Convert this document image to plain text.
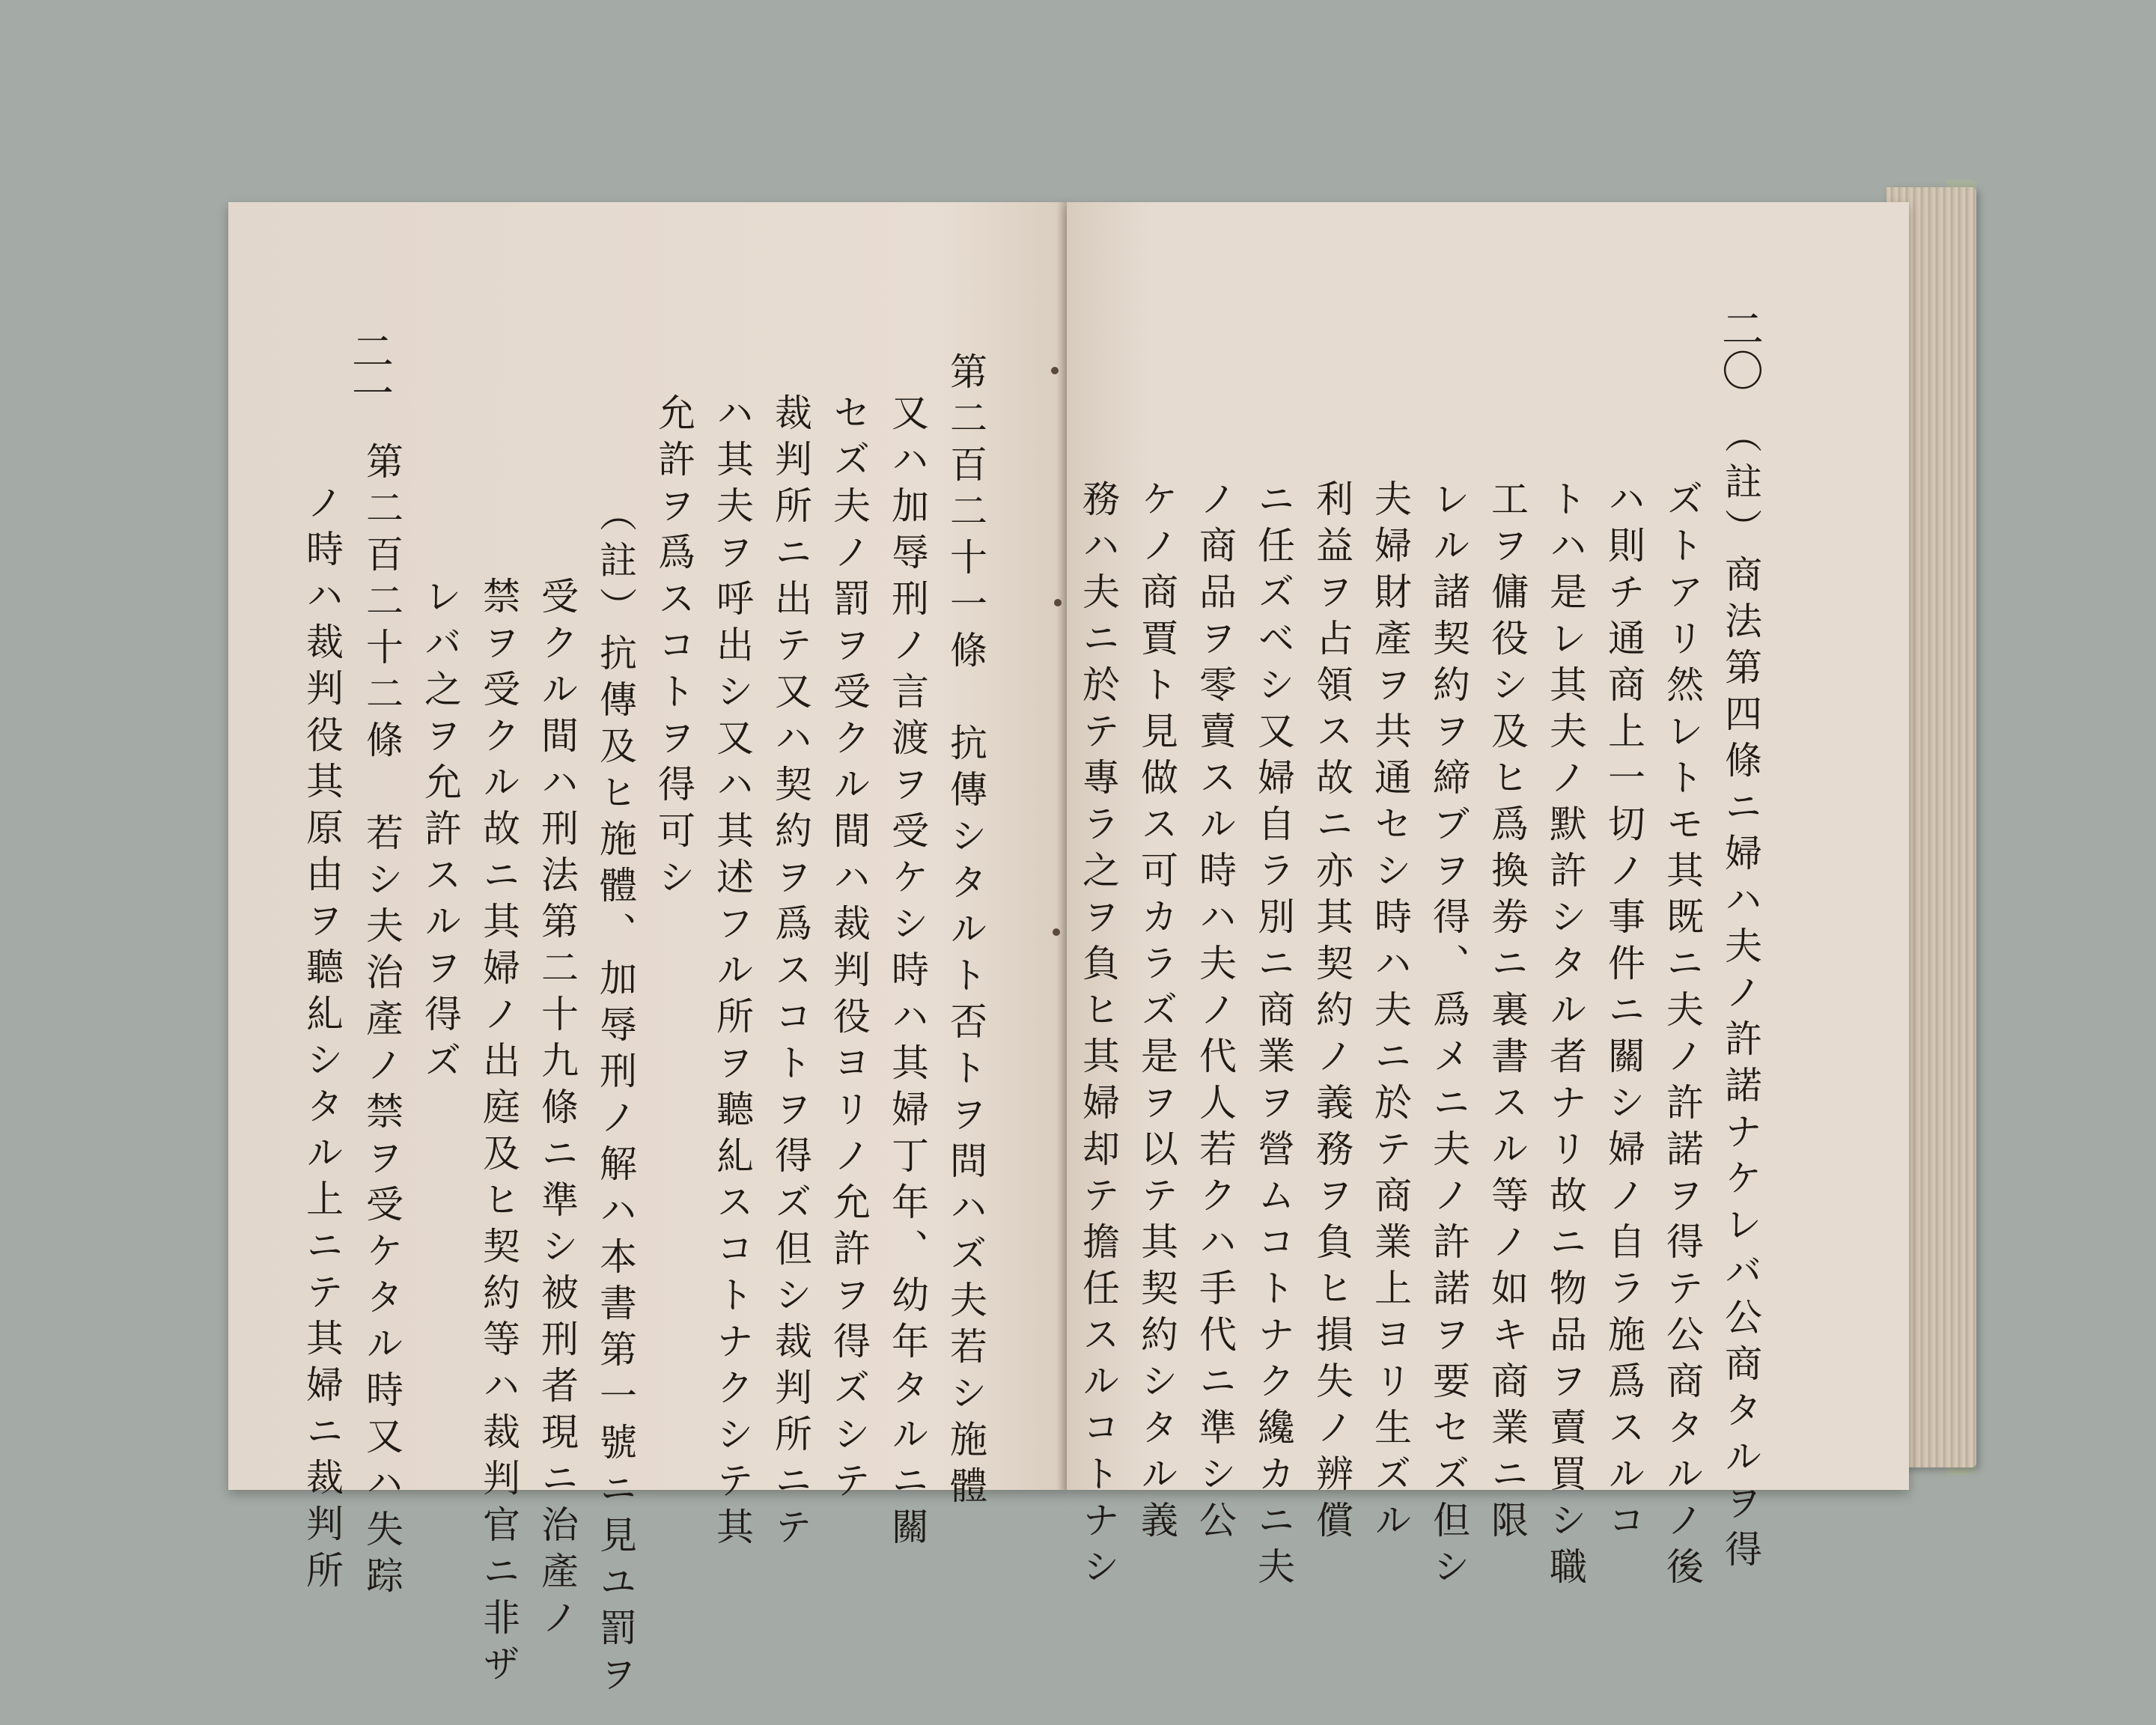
二一	第二百二十一條　抗傳シタルト否トヲ問ハズ夫若シ施體
又ハ加辱刑ノ言渡ヲ受ケシ時ハ其婦丁年、幼年タルニ關
セズ夫ノ罰ヲ受クル間ハ裁判役ヨリノ允許ヲ得ズシテ
裁判所ニ出テ又ハ契約ヲ爲スコトヲ得ズ但シ裁判所ニテ
ハ其夫ヲ呼出シ又ハ其述フル所ヲ聽糺スコトナクシテ其
允許ヲ爲スコトヲ得可シ
（註）抗傳及ヒ施體、加辱刑ノ解ハ本書第一號ニ見ユ罰ヲ
受クル間ハ刑法第二十九條ニ準シ被刑者現ニ治產ノ
禁ヲ受クル故ニ其婦ノ出庭及ヒ契約等ハ裁判官ニ非ザ
レバ之ヲ允許スルヲ得ズ
第二百二十二條　若シ夫治產ノ禁ヲ受ケタル時又ハ失踪
ノ時ハ裁判役其原由ヲ聽糺シタル上ニテ其婦ニ裁判所
二〇
（註）商法第四條ニ婦ハ夫ノ許諾ナケレバ公商タルヲ得
ズトアリ然レトモ其既ニ夫ノ許諾ヲ得テ公商タルノ後
ハ則チ通商上一切ノ事件ニ關シ婦ノ自ラ施爲スルコ
トハ是レ其夫ノ默許シタル者ナリ故ニ物品ヲ賣買シ職
工ヲ傭役シ及ヒ爲換劵ニ裏書スル等ノ如キ商業ニ限
レル諸契約ヲ締ブヲ得、爲メニ夫ノ許諾ヲ要セズ但シ
夫婦財產ヲ共通セシ時ハ夫ニ於テ商業上ヨリ生ズル
利益ヲ占領ス故ニ亦其契約ノ義務ヲ負ヒ損失ノ辨償
ニ任ズベシ又婦自ラ別ニ商業ヲ營ムコトナク纔カニ夫
ノ商品ヲ零賣スル時ハ夫ノ代人若クハ手代ニ準シ公
ケノ商賈ト見做ス可カラズ是ヲ以テ其契約シタル義
務ハ夫ニ於テ專ラ之ヲ負ヒ其婦却テ擔任スルコトナシ
